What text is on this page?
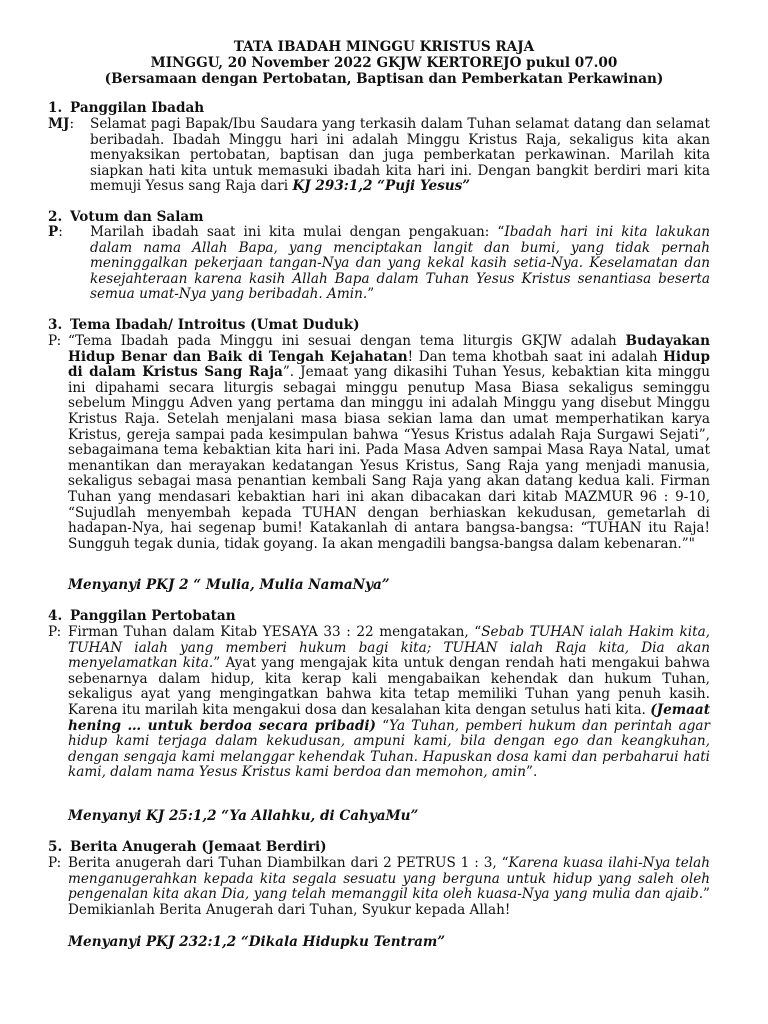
TATA IBADAH MINGGU KRISTUS RAJA
MINGGU, 20 November 2022 GKJW KERTOREJO pukul 07.00
(Bersamaan dengan Pertobatan, Baptisan dan Pemberkatan Perkawinan)
1. Panggilan Ibadah
MJ: Selamat pagi Bapak/Ibu Saudara yang terkasih dalam Tuhan selamat datang dan selamat beribadah. Ibadah Minggu hari ini adalah Minggu Kristus Raja, sekaligus kita akan menyaksikan pertobatan, baptisan dan juga pemberkatan perkawinan. Marilah kita siapkan hati kita untuk memasuki ibadah kita hari ini. Dengan bangkit berdiri mari kita memuji Yesus sang Raja dari KJ 293:1,2 “Puji Yesus”
2. Votum dan Salam
P: Marilah ibadah saat ini kita mulai dengan pengakuan: “Ibadah hari ini kita lakukan dalam nama Allah Bapa, yang menciptakan langit dan bumi, yang tidak pernah meninggalkan pekerjaan tangan-Nya dan yang kekal kasih setia-Nya. Keselamatan dan kesejahteraan karena kasih Allah Bapa dalam Tuhan Yesus Kristus senantiasa beserta semua umat-Nya yang beribadah. Amin.”
3. Tema Ibadah/ Introitus (Umat Duduk)
P: “Tema Ibadah pada Minggu ini sesuai dengan tema liturgis GKJW adalah Budayakan Hidup Benar dan Baik di Tengah Kejahatan! Dan tema khotbah saat ini adalah Hidup di dalam Kristus Sang Raja”. Jemaat yang dikasihi Tuhan Yesus, kebaktian kita minggu ini dipahami secara liturgis sebagai minggu penutup Masa Biasa sekaligus seminggu sebelum Minggu Adven yang pertama dan minggu ini adalah Minggu yang disebut Minggu Kristus Raja. Setelah menjalani masa biasa sekian lama dan umat memperhatikan karya Kristus, gereja sampai pada kesimpulan bahwa “Yesus Kristus adalah Raja Surgawi Sejati”, sebagaimana tema kebaktian kita hari ini. Pada Masa Adven sampai Masa Raya Natal, umat menantikan dan merayakan kedatangan Yesus Kristus, Sang Raja yang menjadi manusia, sekaligus sebagai masa penantian kembali Sang Raja yang akan datang kedua kali. Firman Tuhan yang mendasari kebaktian hari ini akan dibacakan dari kitab MAZMUR 96 : 9-10, “Sujudlah menyembah kepada TUHAN dengan berhiaskan kekudusan, gemetarlah di hadapan-Nya, hai segenap bumi! Katakanlah di antara bangsa-bangsa: “TUHAN itu Raja! Sungguh tegak dunia, tidak goyang. Ia akan mengadili bangsa-bangsa dalam kebenaran.”"
Menyanyi PKJ 2 “ Mulia, Mulia NamaNya”
4. Panggilan Pertobatan
P: Firman Tuhan dalam Kitab YESAYA 33 : 22 mengatakan, “Sebab TUHAN ialah Hakim kita, TUHAN ialah yang memberi hukum bagi kita; TUHAN ialah Raja kita, Dia akan menyelamatkan kita.” Ayat yang mengajak kita untuk dengan rendah hati mengakui bahwa sebenarnya dalam hidup, kita kerap kali mengabaikan kehendak dan hukum Tuhan, sekaligus ayat yang mengingatkan bahwa kita tetap memiliki Tuhan yang penuh kasih. Karena itu marilah kita mengakui dosa dan kesalahan kita dengan setulus hati kita. (Jemaat hening … untuk berdoa secara pribadi) “Ya Tuhan, pemberi hukum dan perintah agar hidup kami terjaga dalam kekudusan, ampuni kami, bila dengan ego dan keangkuhan, dengan sengaja kami melanggar kehendak Tuhan. Hapuskan dosa kami dan perbaharui hati kami, dalam nama Yesus Kristus kami berdoa dan memohon, amin”.
Menyanyi KJ 25:1,2 “Ya Allahku, di CahyaMu”
5. Berita Anugerah (Jemaat Berdiri)
P: Berita anugerah dari Tuhan Diambilkan dari 2 PETRUS 1 : 3, “Karena kuasa ilahi-Nya telah menganugerahkan kepada kita segala sesuatu yang berguna untuk hidup yang saleh oleh pengenalan kita akan Dia, yang telah memanggil kita oleh kuasa-Nya yang mulia dan ajaib.” Demikianlah Berita Anugerah dari Tuhan, Syukur kepada Allah!
Menyanyi PKJ 232:1,2 “Dikala Hidupku Tentram”
